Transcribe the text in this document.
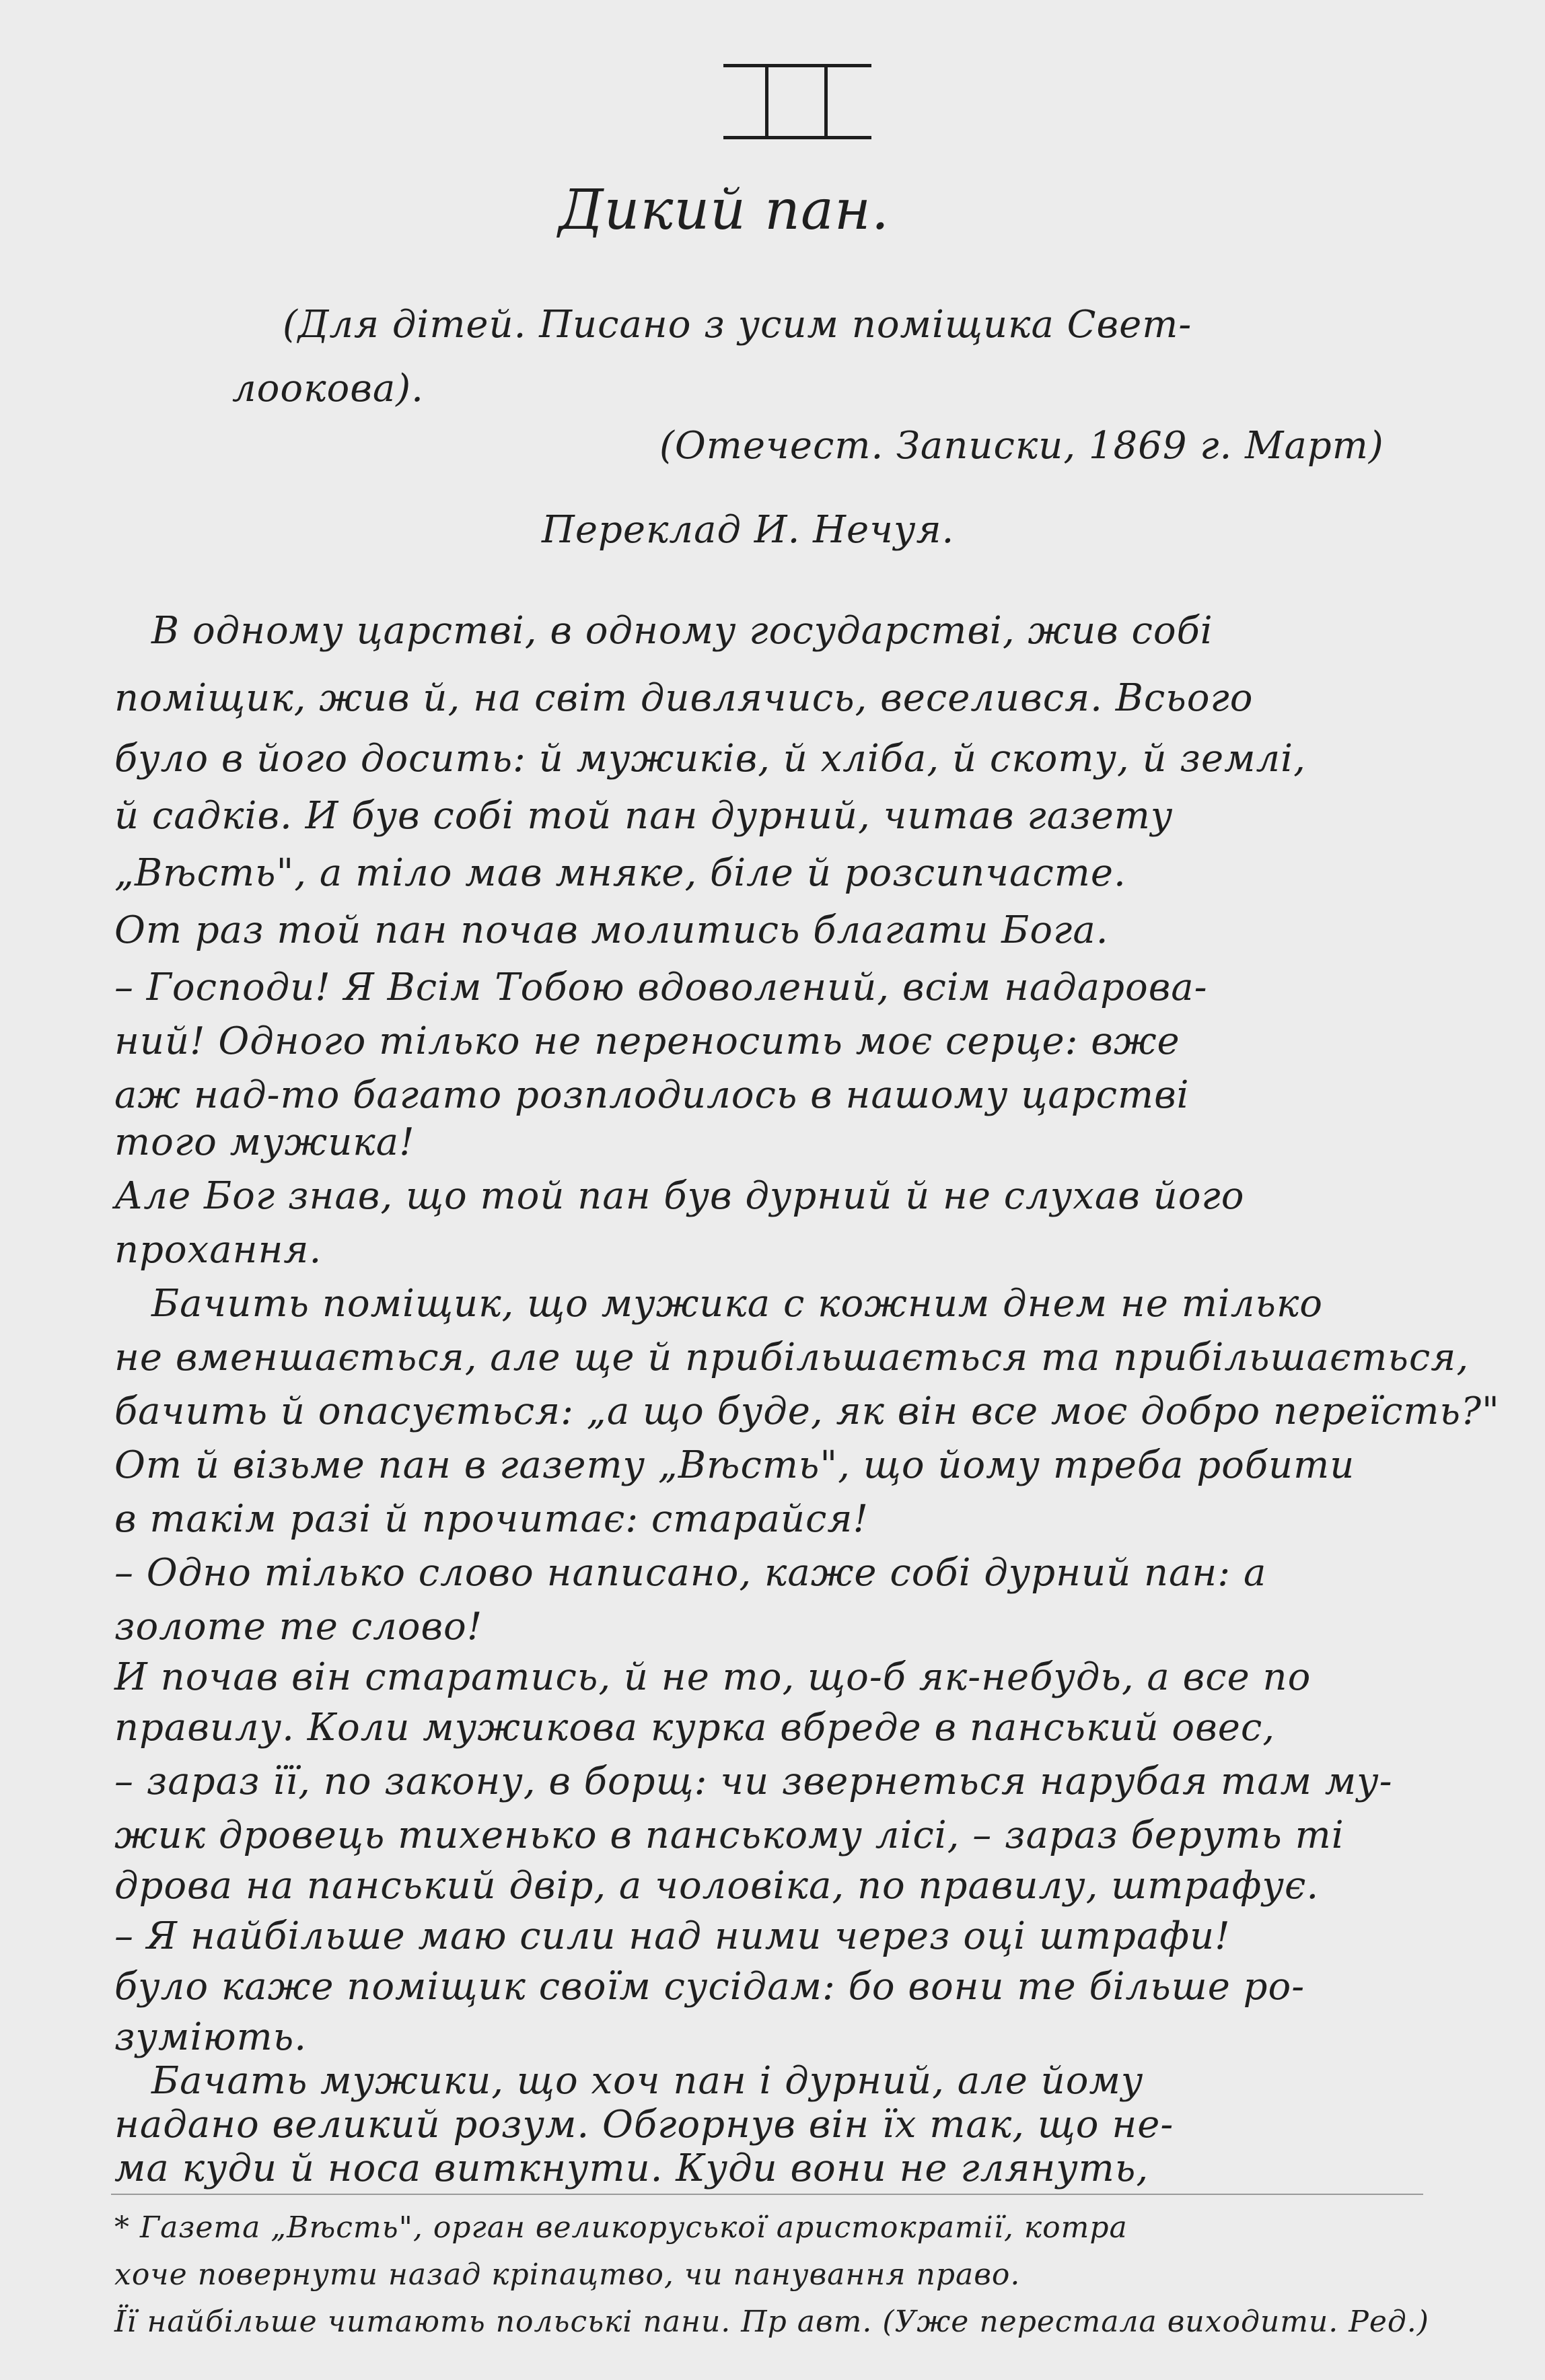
Дикий пан.
(Для дітей. Писано з усим поміщика Свет-
лоокова).
(Отечест. Записки, 1869 г. Март)
Переклад И. Нечуя.
В одному царстві, в одному государстві, жив собі
поміщик, жив й, на світ дивлячись, веселився. Всього
було в його досить: й мужиків, й хліба, й скоту, й землі,
й садків. И був собі той пан дурний, читав газету
„Вѣсть", а тіло мав мняке, біле й розсипчасте.
От раз той пан почав молитись благати Бога.
– Господи! Я Всім Тобою вдоволений, всім надарова-
ний! Одного тілько не переносить моє серце: вже
аж над-то багато розплодилось в нашому царстві
того мужика!
Але Бог знав, що той пан був дурний й не слухав його
прохання.
Бачить поміщик, що мужика с кожним днем не тілько
не вменшається, але ще й прибільшається та прибільшається,
бачить й опасується: „а що буде, як він все моє добро переїсть?"
От й візьме пан в газету „Вѣсть", що йому треба робити
в такім разі й прочитає: старайся!
– Одно тілько слово написано, каже собі дурний пан: а
золоте те слово!
И почав він старатись, й не то, що-б як-небудь, а все по
правилу. Коли мужикова курка вбреде в панський овес,
– зараз її, по закону, в борщ: чи звернеться нарубая там му-
жик дровець тихенько в панському лісі, – зараз беруть ті
дрова на панський двір, а чоловіка, по правилу, штрафує.
– Я найбільше маю сили над ними через оці штрафи!
було каже поміщик своїм сусідам: бо вони те більше ро-
зуміють.
Бачать мужики, що хоч пан і дурний, але йому
надано великий розум. Обгорнув він їх так, що не-
ма куди й носа виткнути. Куди вони не глянуть,
* Газета „Вѣсть", орган великоруської аристократії, котра
хоче повернути назад кріпацтво, чи панування право.
Її найбільше читають польські пани. Пр авт. (Уже перестала виходити. Ред.)
